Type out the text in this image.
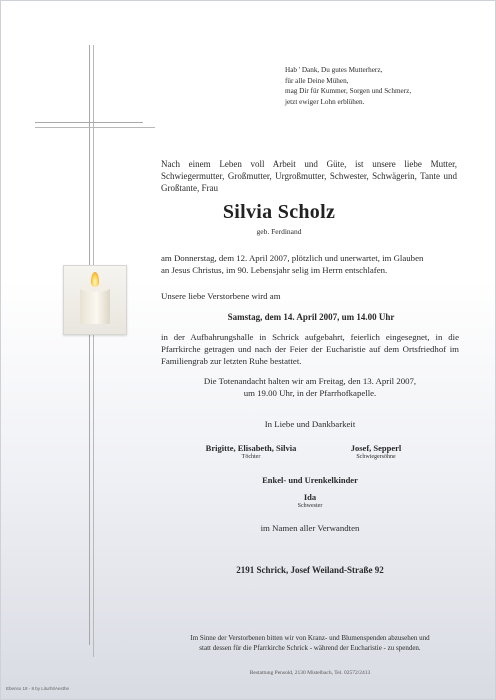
Hab ' Dank, Du gutes Mutterherz,
für alle Deine Mühen,
mag Dir für Kummer, Sorgen und Schmerz,
jetzt ewiger Lohn erblühen.

Nach einem Leben voll Arbeit und Güte, ist unsere liebe Mutter, Schwiegermutter, Großmutter, Urgroßmutter, Schwester, Schwägerin, Tante und Großtante, Frau

Silvia Scholz

geb. Ferdinand

am Donnerstag, dem 12. April 2007, plötzlich und unerwartet, im Glauben
an Jesus Christus, im 90. Lebensjahr selig im Herrn entschlafen.

Unsere liebe Verstorbene wird am

Samstag, dem 14. April 2007, um 14.00 Uhr

in der Aufbahrungshalle in Schrick aufgebahrt, feierlich eingesegnet, in die Pfarrkirche getragen und nach der Feier der Eucharistie auf dem Ortsfriedhof im Familiengrab zur letzten Ruhe bestattet.

Die Totenandacht halten wir am Freitag, den 13. April 2007,
um 19.00 Uhr, in der Pfarrhofkapelle.

In Liebe und Dankbarkeit

Brigitte, Elisabeth, Silvia

Töchter

Josef, Sepperl

Schwiegersöhne

Enkel- und Urenkelkinder

Ida

Schwester

im Namen aller Verwandten

2191 Schrick, Josef Weiland-Straße 92

Im Sinne der Verstorbenen bitten wir von Kranz- und Blumenspenden abzusehen und
statt dessen für die Pfarrkirche Schrick - während der Eucharistie - zu spenden.

Bestattung Pensold, 2130 Mistelbach, Tel. 02572/2413

Ebenso 18 - 8 by Liturht/Aesthe
